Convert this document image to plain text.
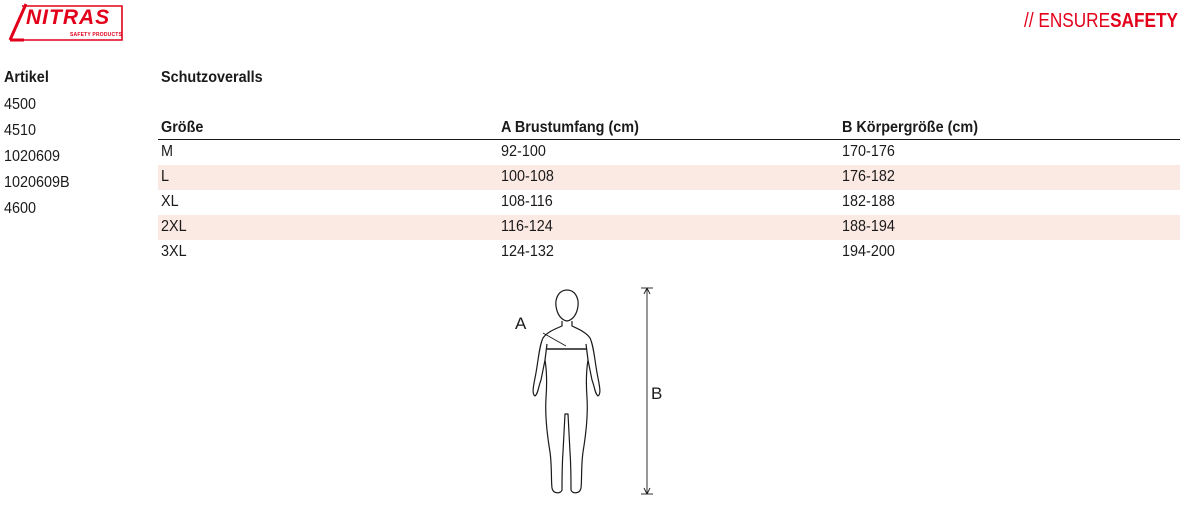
NITRAS
SAFETY PRODUCTS
// ENSURESAFETY
Artikel	Schutzoveralls
4500
4510
1020609
1020609B
4600
Größe	A Brustumfang (cm)	B Körpergröße (cm)
M	92-100	170-176
L	100-108	176-182
XL	108-116	182-188
2XL	116-124	188-194
3XL	124-132	194-200
A
B
